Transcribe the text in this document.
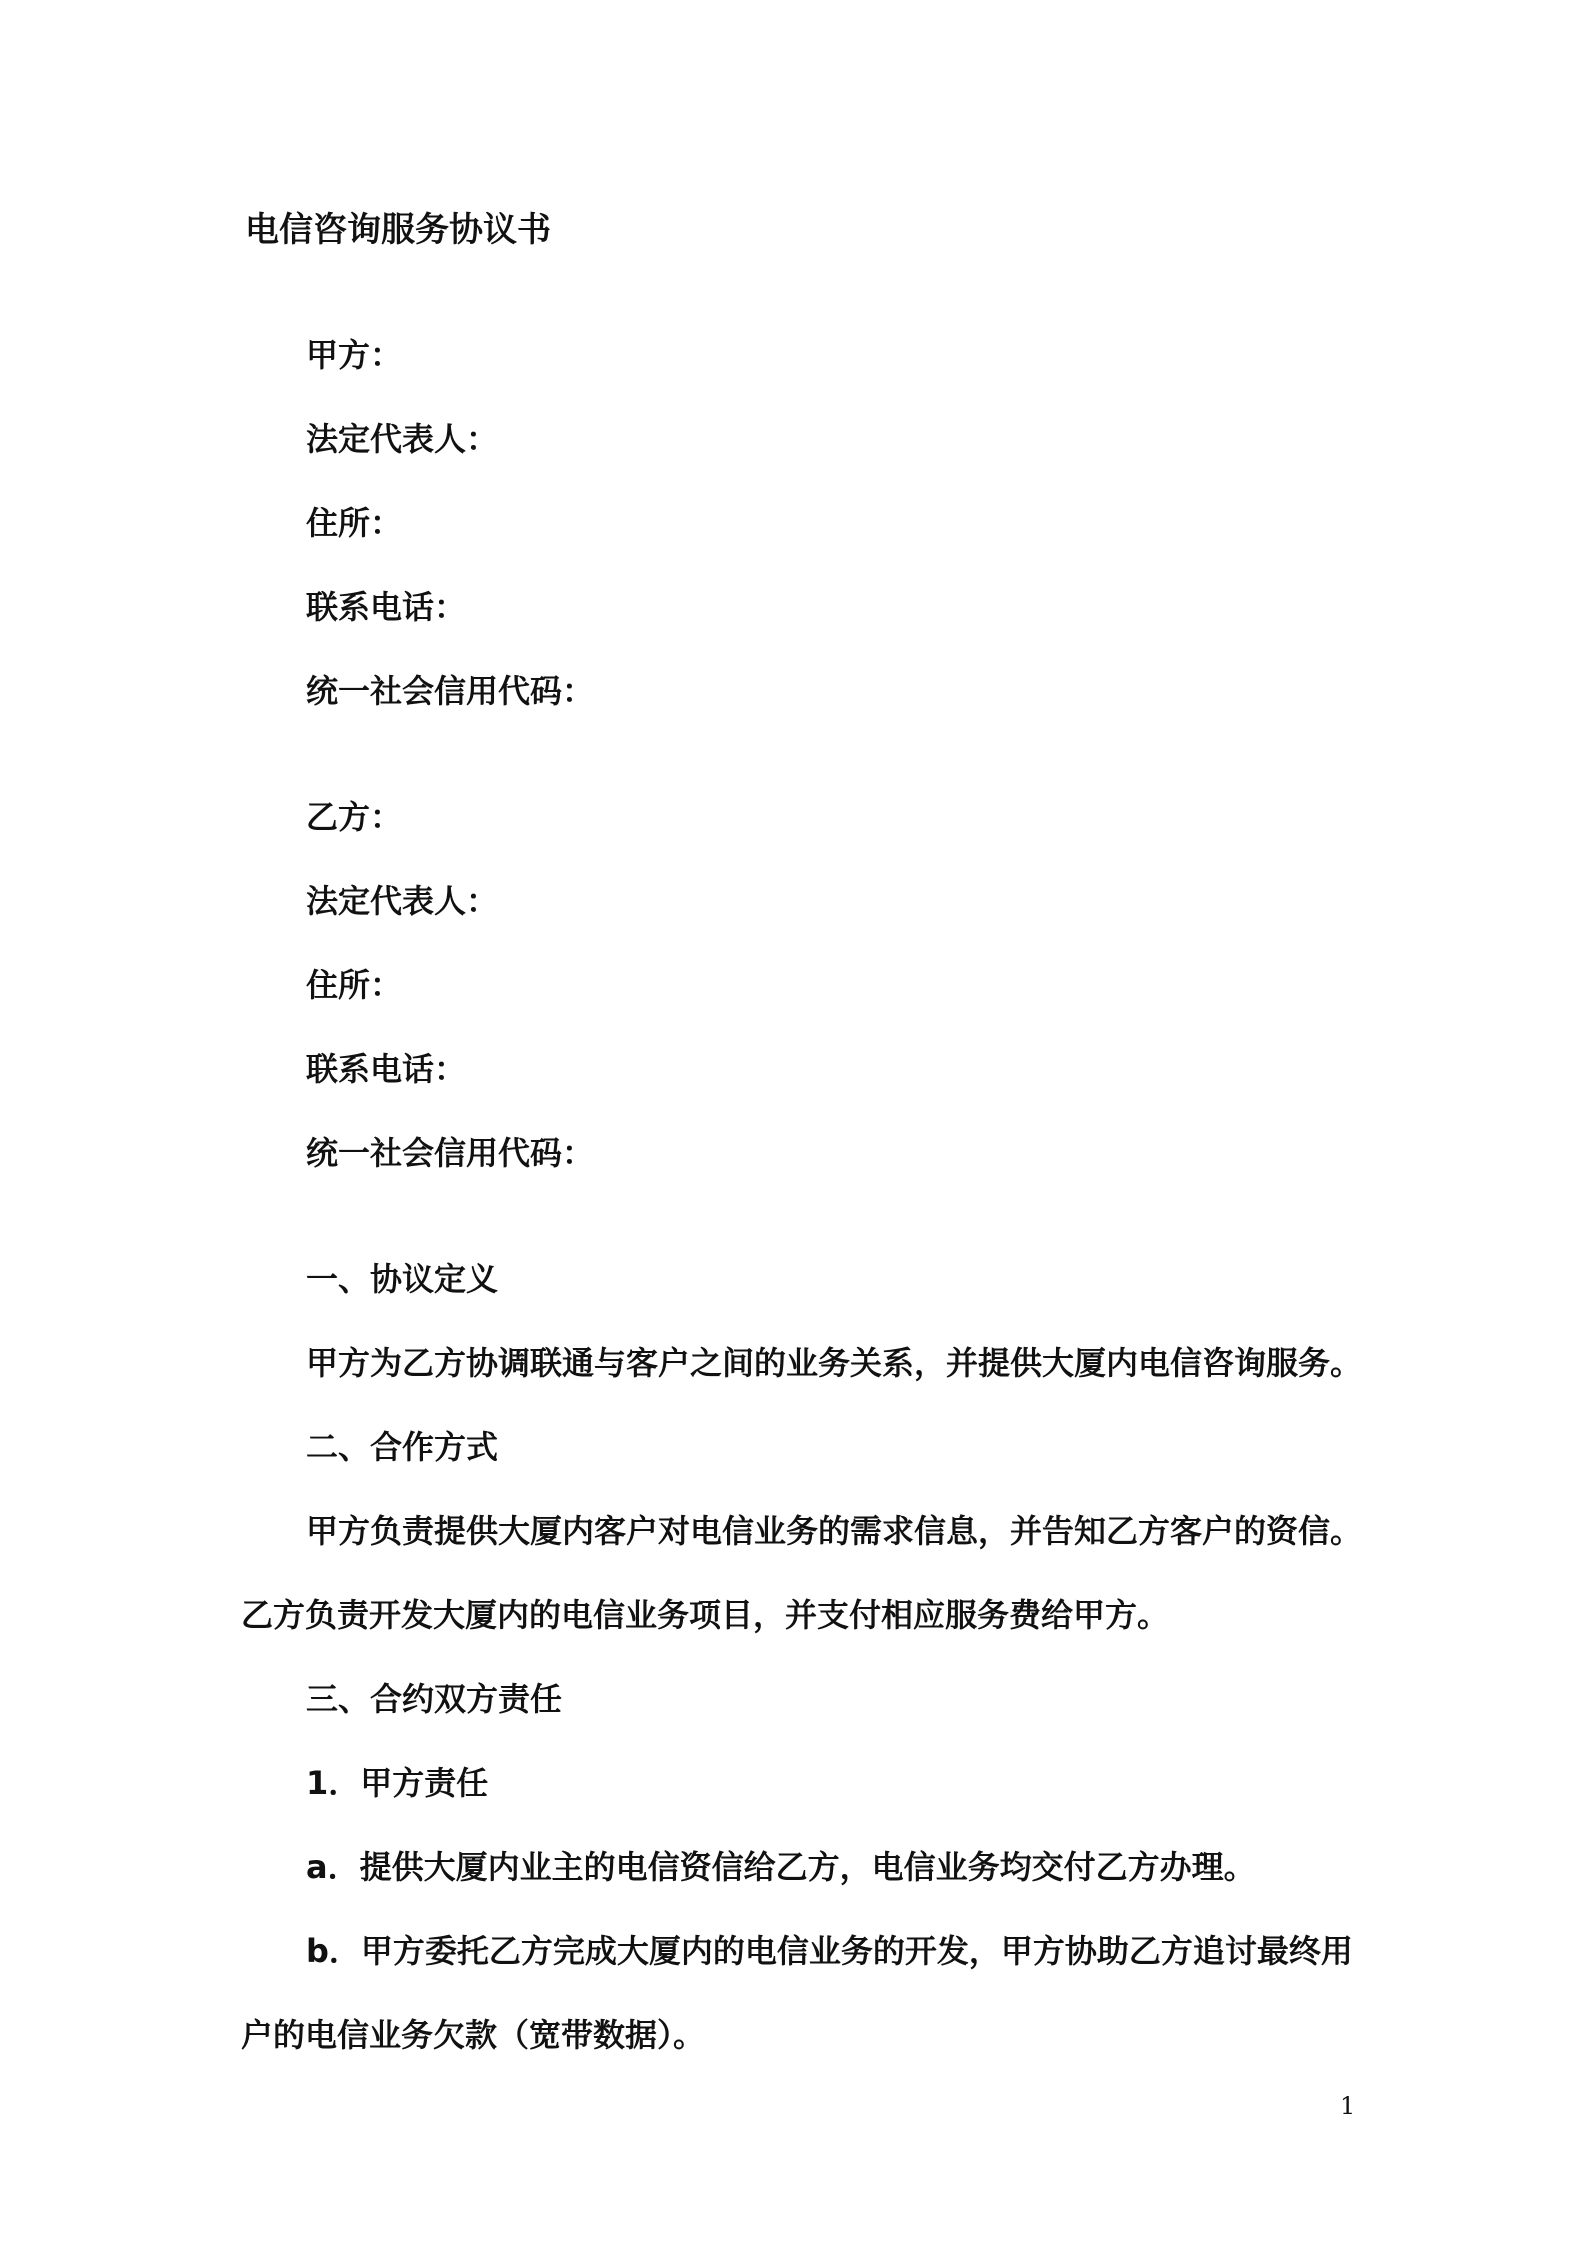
电信咨询服务协议书
甲方：
法定代表人：
住所：
联系电话：
统一社会信用代码：
乙方：
法定代表人：
住所：
联系电话：
统一社会信用代码：
一、协议定义
甲方为乙方协调联通与客户之间的业务关系，并提供大厦内电信咨询服务。
二、合作方式
甲方负责提供大厦内客户对电信业务的需求信息，并告知乙方客户的资信。
乙方负责开发大厦内的电信业务项目，并支付相应服务费给甲方。
三、合约双方责任
1．甲方责任
a．提供大厦内业主的电信资信给乙方，电信业务均交付乙方办理。
b．甲方委托乙方完成大厦内的电信业务的开发，甲方协助乙方追讨最终用
户的电信业务欠款（宽带数据）。
1
